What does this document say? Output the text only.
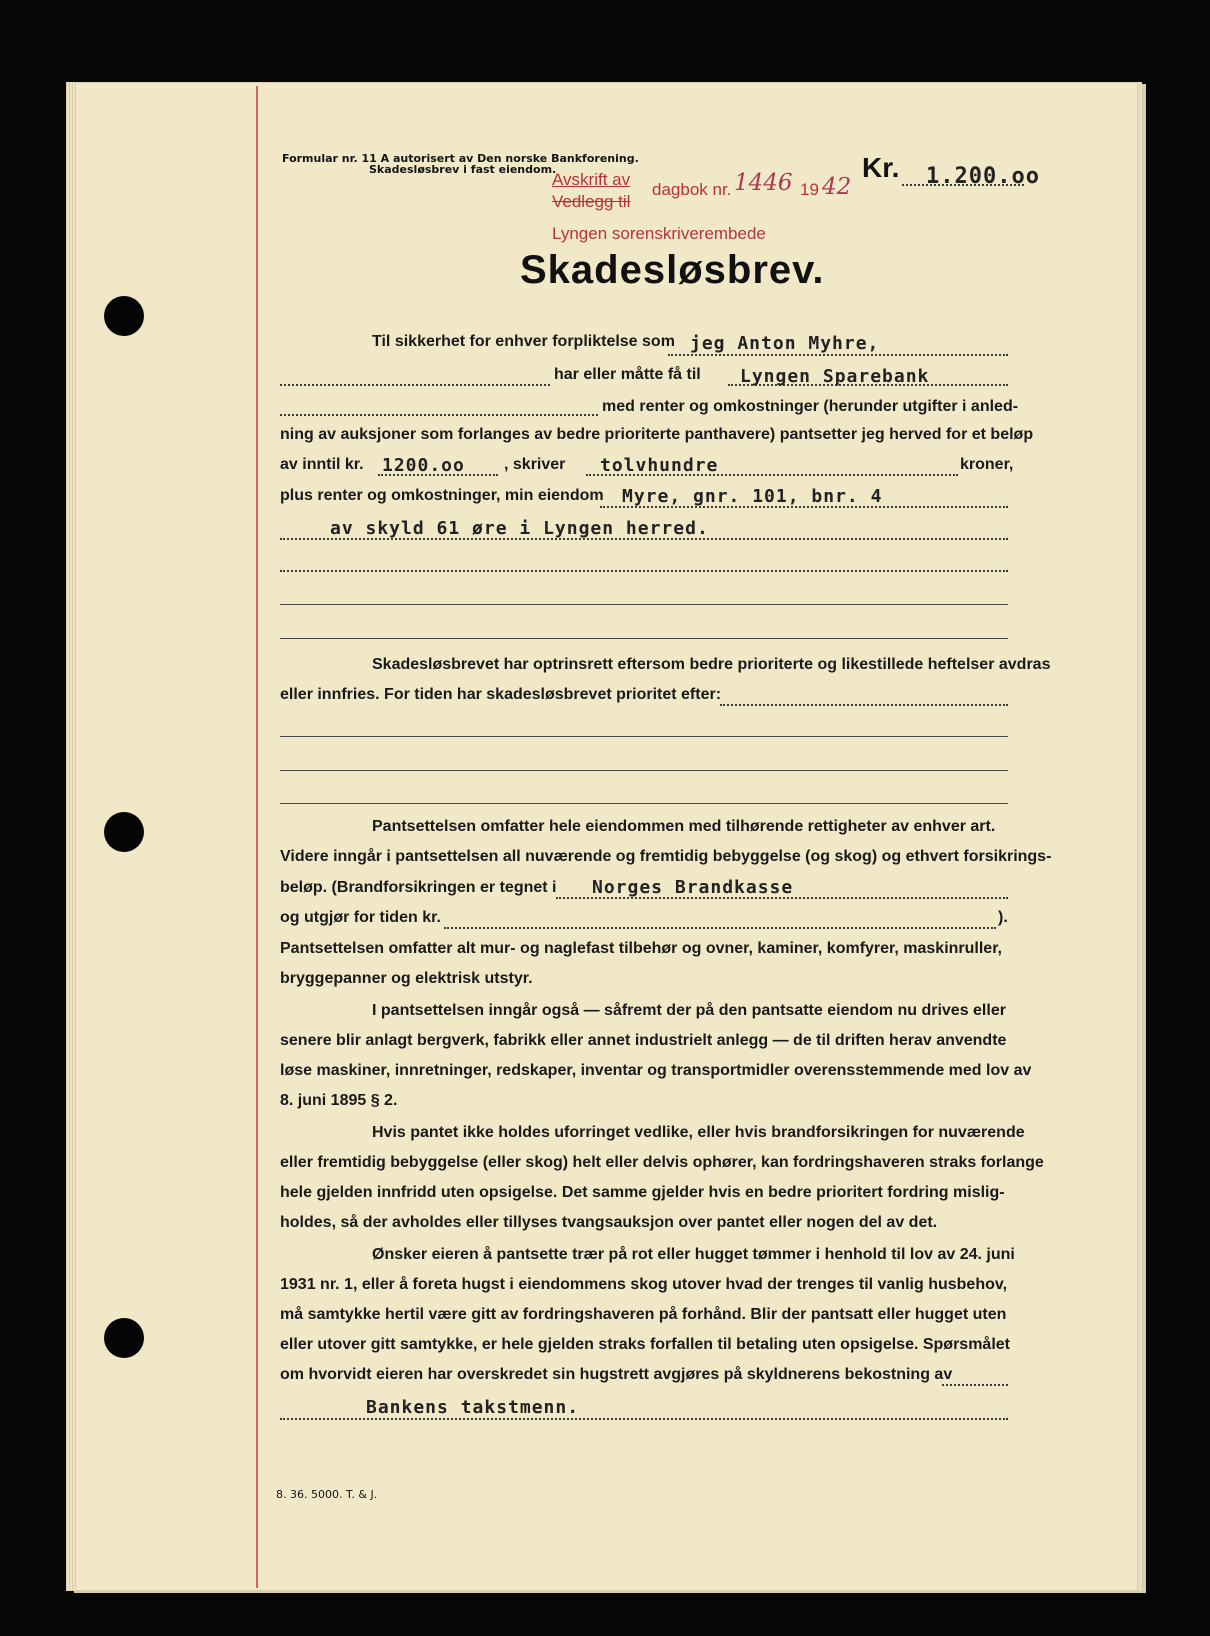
Formular nr. 11 A autorisert av Den norske Bankforening.
Skadesløsbrev i fast eiendom.
Avskrift av
Vedlegg til
dagbok nr. 1446 19 42
Lyngen sorenskriverembede
Kr. 1.200.oo
Skadesløsbrev.
Til sikkerhet for enhver forpliktelse som jeg Anton Myhre,
har eller måtte få til Lyngen Sparebank
med renter og omkostninger (herunder utgifter i anled-
ning av auksjoner som forlanges av bedre prioriterte panthavere) pantsetter jeg herved for et beløp
av inntil kr. 1200.oo , skriver tolvhundre	kroner,
plus renter og omkostninger, min eiendom Myre, gnr. 101, bnr. 4
av skyld 61 øre i Lyngen herred.
Skadesløsbrevet har optrinsrett eftersom bedre prioriterte og likestillede heftelser avdras
eller innfries. For tiden har skadesløsbrevet prioritet efter:
Pantsettelsen omfatter hele eiendommen med tilhørende rettigheter av enhver art.
Videre inngår i pantsettelsen all nuværende og fremtidig bebyggelse (og skog) og ethvert forsikrings-
beløp. (Brandforsikringen er tegnet i Norges Brandkasse
og utgjør for tiden kr.	).
Pantsettelsen omfatter alt mur- og naglefast tilbehør og ovner, kaminer, komfyrer, maskinruller,
bryggepanner og elektrisk utstyr.
I pantsettelsen inngår også — såfremt der på den pantsatte eiendom nu drives eller
senere blir anlagt bergverk, fabrikk eller annet industrielt anlegg — de til driften herav anvendte
løse maskiner, innretninger, redskaper, inventar og transportmidler overensstemmende med lov av
8. juni 1895 § 2.
Hvis pantet ikke holdes uforringet vedlike, eller hvis brandforsikringen for nuværende
eller fremtidig bebyggelse (eller skog) helt eller delvis ophører, kan fordringshaveren straks forlange
hele gjelden innfridd uten opsigelse. Det samme gjelder hvis en bedre prioritert fordring mislig-
holdes, så der avholdes eller tillyses tvangsauksjon over pantet eller nogen del av det.
Ønsker eieren å pantsette trær på rot eller hugget tømmer i henhold til lov av 24. juni
1931 nr. 1, eller å foreta hugst i eiendommens skog utover hvad der trenges til vanlig husbehov,
må samtykke hertil være gitt av fordringshaveren på forhånd. Blir der pantsatt eller hugget uten
eller utover gitt samtykke, er hele gjelden straks forfallen til betaling uten opsigelse. Spørsmålet
om hvorvidt eieren har overskredet sin hugstrett avgjøres på skyldnerens bekostning av
Bankens takstmenn.
8. 36. 5000. T. & J.
